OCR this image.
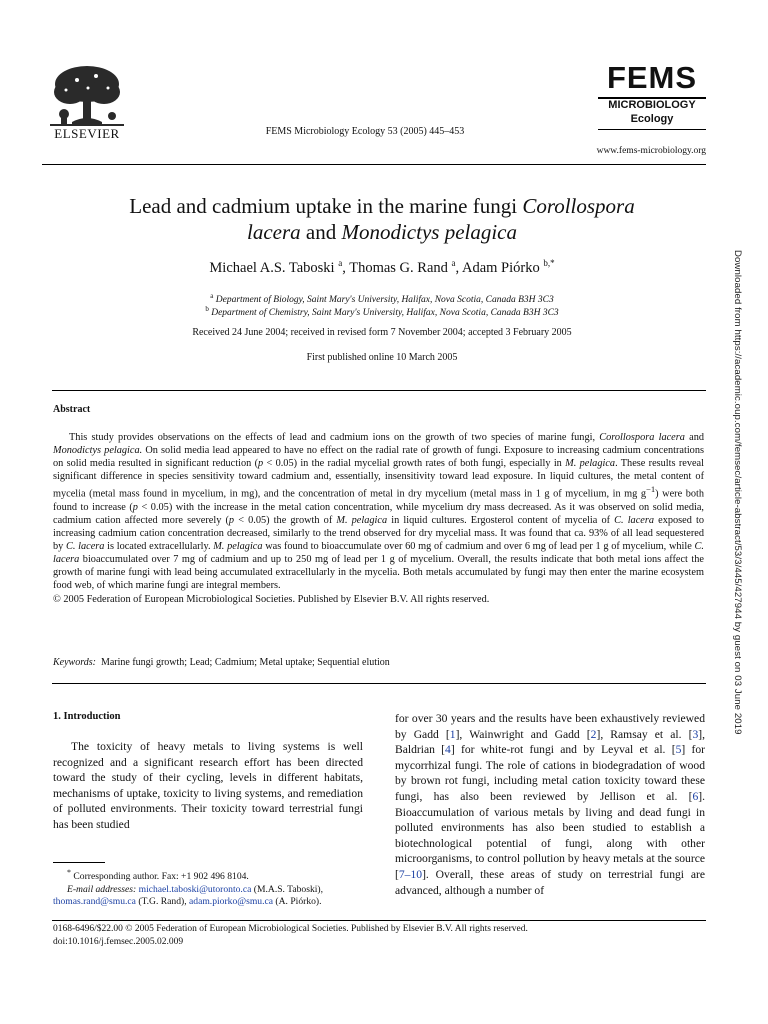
ELSEVIER	FEMS Microbiology Ecology 53 (2005) 445–453
FEMS
MICROBIOLOGY
Ecology
www.fems-microbiology.org
Lead and cadmium uptake in the marine fungi Corollospora
lacera and Monodictys pelagica
Michael A.S. Taboski $^a$, Thomas G. Rand $^a$, Adam Piórko $^{b,*}$
$^a$ Department of Biology, Saint Mary's University, Halifax, Nova Scotia, Canada B3H 3C3
$^b$ Department of Chemistry, Saint Mary's University, Halifax, Nova Scotia, Canada B3H 3C3
Received 24 June 2004; received in revised form 7 November 2004; accepted 3 February 2005
First published online 10 March 2005
Abstract

This study provides observations on the effects of lead and cadmium ions on the growth of two species of marine fungi, Corollospora lacera and Monodictys pelagica. On solid media lead appeared to have no effect on the radial rate of growth of fungi. Exposure to increasing cadmium concentrations on solid media resulted in significant reduction (p < 0.05) in the radial mycelial growth rates of both fungi, especially in M. pelagica. These results reveal significant difference in species sensitivity toward cadmium and, essentially, insensitivity toward lead exposure. In liquid cultures, the metal content of mycelia (metal mass found in mycelium, in mg), and the concentration of metal in dry mycelium (metal mass in 1 g of mycelium, in mg $g^{-1}$) were both found to increase (p < 0.05) with the increase in the metal cation concentration, while mycelium dry mass decreased. As it was observed on solid media, cadmium cation affected more severely (p < 0.05) the growth of M. pelagica in liquid cultures. Ergosterol content of mycelia of C. lacera exposed to increasing cadmium cation concentration decreased, similarly to the trend observed for dry mycelial mass. It was found that ca. 93% of all lead sequestered by C. lacera is located extracellularly. M. pelagica was found to bioaccumulate over 60 mg of cadmium and over 6 mg of lead per 1 g of mycelium, while C. lacera bioaccumulated over 7 mg of cadmium and up to 250 mg of lead per 1 g of mycelium. Overall, the results indicate that both metal ions affect the growth of marine fungi with lead being accumulated extracellularly in the mycelia. Both metals accumulated by fungi may then enter the marine ecosystem food web, of which marine fungi are integral members.

© 2005 Federation of European Microbiological Societies. Published by Elsevier B.V. All rights reserved.

Keywords: Marine fungi growth; Lead; Cadmium; Metal uptake; Sequential elution
1. Introduction

The toxicity of heavy metals to living systems is well recognized and a significant research effort has been directed toward the study of their cycling, levels in different habitats, mechanisms of uptake, toxicity to living systems, and remediation of polluted environments. Their toxicity toward terrestrial fungi has been studied

for over 30 years and the results have been exhaustively reviewed by Gadd [1], Wainwright and Gadd [2], Ramsay et al. [3], Baldrian [4] for white-rot fungi and by Leyval et al. [5] for mycorrhizal fungi. The role of cations in biodegradation of wood by brown rot fungi, including metal cation toxicity toward these fungi, has also been reviewed by Jellison et al. [6]. Bioaccumulation of various metals by living and dead fungi in polluted environments has also been studied to establish a biotechnological potential of fungi, along with other microorganisms, to control pollution by heavy metals at the source [7–10]. Overall, these areas of study on terrestrial fungi are advanced, although a number of

* Corresponding author. Fax: +1 902 496 8104.
E-mail addresses: michael.taboski@utoronto.ca (M.A.S. Taboski),
thomas.rand@smu.ca (T.G. Rand), adam.piorko@smu.ca (A. Piórko).
0168-6496/$22.00 © 2005 Federation of European Microbiological Societies. Published by Elsevier B.V. All rights reserved.
doi:10.1016/j.femsec.2005.02.009
Downloaded from https://academic.oup.com/femsec/article-abstract/53/3/445/427944 by guest on 03 June 2019
